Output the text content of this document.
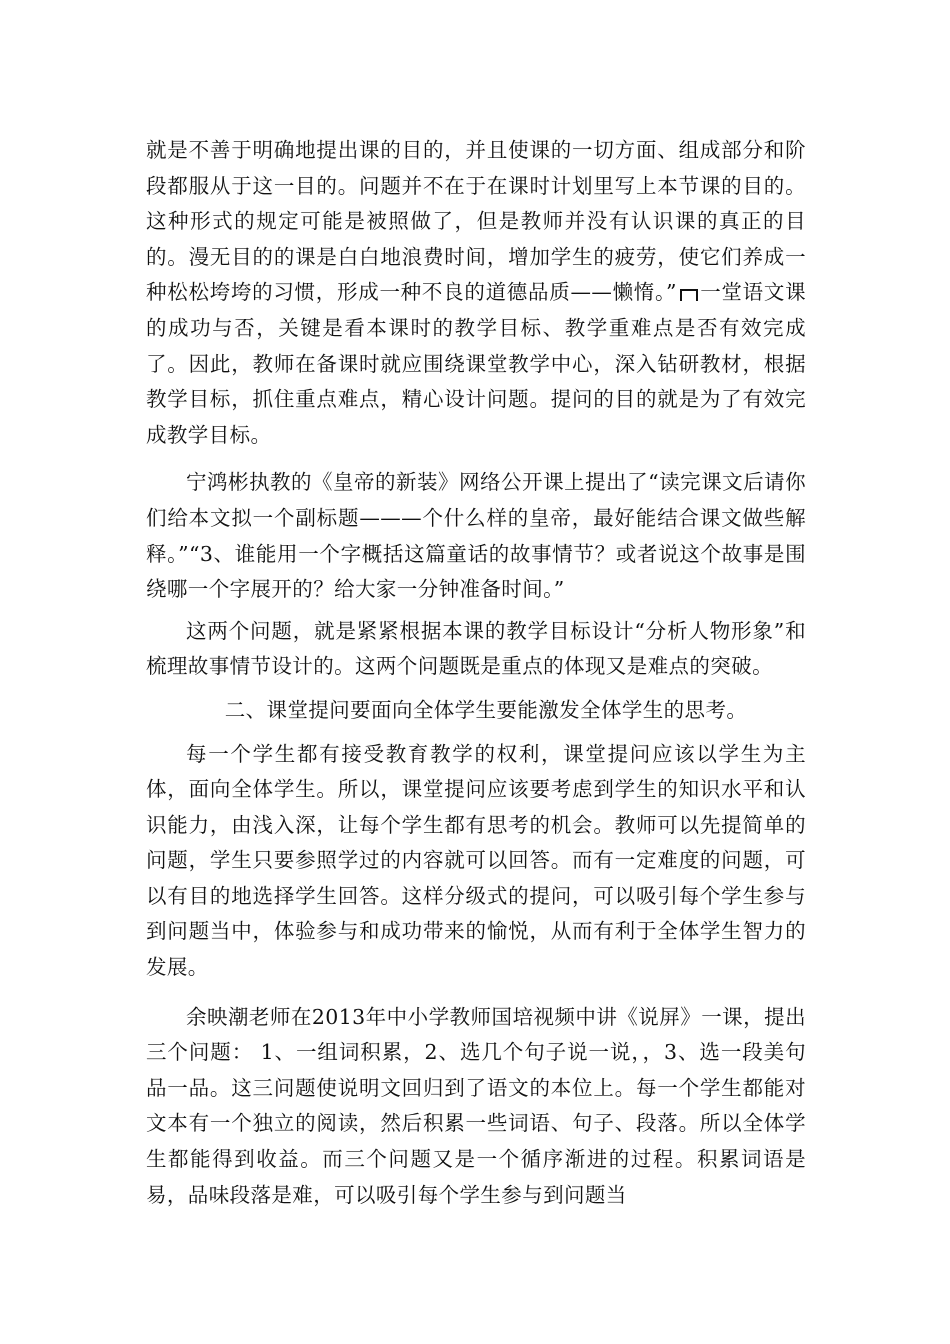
就是不善于明确地提出课的目的，并且使课的一切方面、组成部分和阶段都服从于这一目的。问题并不在于在课时计划里写上本节课的目的。这种形式的规定可能是被照做了，但是教师并没有认识课的真正的目的。漫无目的的课是白白地浪费时间，增加学生的疲劳，使它们养成一种松松垮垮的习惯，形成一种不良的道德品质——懒惰。” 一堂语文课的成功与否，关键是看本课时的教学目标、教学重难点是否有效完成了。因此，教师在备课时就应围绕课堂教学中心，深入钻研教材，根据教学目标，抓住重点难点，精心设计问题。提问的目的就是为了有效完成教学目标。

宁鸿彬执教的《皇帝的新装》网络公开课上提出了“读完课文后请你们给本文拟一个副标题———个什么样的皇帝，最好能结合课文做些解释。”“3、谁能用一个字概括这篇童话的故事情节？或者说这个故事是围绕哪一个字展开的？给大家一分钟准备时间。”

这两个问题，就是紧紧根据本课的教学目标设计“分析人物形象”和梳理故事情节设计的。这两个问题既是重点的体现又是难点的突破。

二、课堂提问要面向全体学生要能激发全体学生的思考。

每一个学生都有接受教育教学的权利，课堂提问应该以学生为主体，面向全体学生。所以，课堂提问应该要考虑到学生的知识水平和认识能力，由浅入深，让每个学生都有思考的机会。教师可以先提简单的问题，学生只要参照学过的内容就可以回答。而有一定难度的问题，可以有目的地选择学生回答。这样分级式的提问，可以吸引每个学生参与到问题当中，体验参与和成功带来的愉悦，从而有利于全体学生智力的发展。

余映潮老师在2013年中小学教师国培视频中讲《说屏》一课，提出三个问题： 1、一组词积累，2、选几个句子说一说，，3、选一段美句品一品。这三问题使说明文回归到了语文的本位上。每一个学生都能对文本有一个独立的阅读，然后积累一些词语、句子、段落。所以全体学生都能得到收益。而三个问题又是一个循序渐进的过程。积累词语是易，品味段落是难，可以吸引每个学生参与到问题当
